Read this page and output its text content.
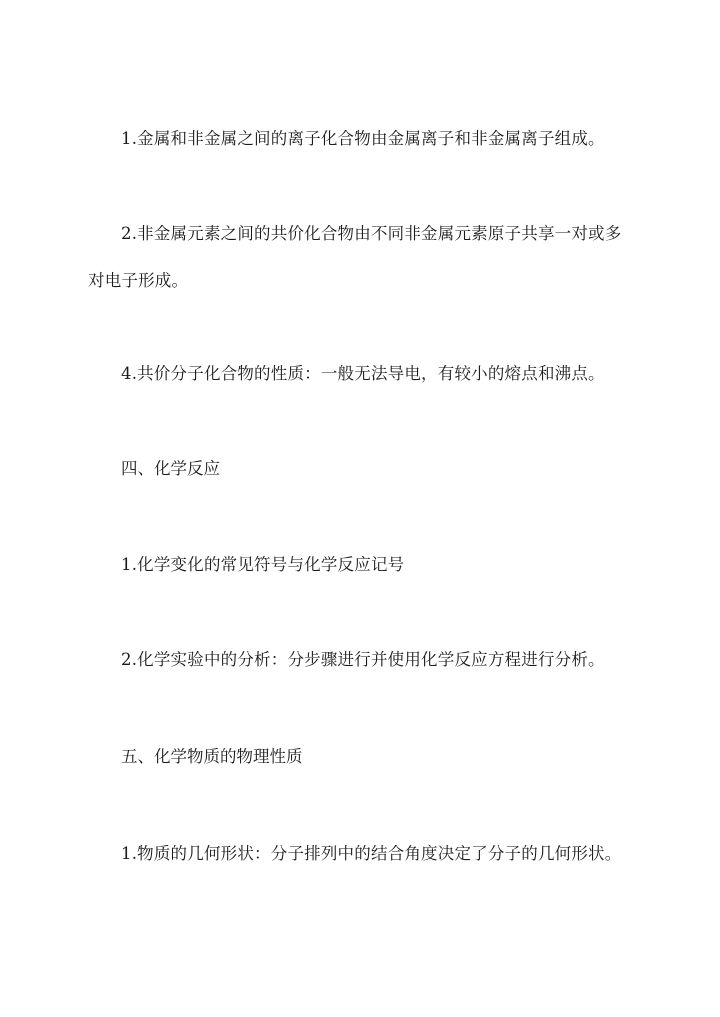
1.金属和非金属之间的离子化合物由金属离子和非金属离子组成。

2.非金属元素之间的共价化合物由不同非金属元素原子共享一对或多对电子形成。

4.共价分子化合物的性质：一般无法导电，有较小的熔点和沸点。

四、化学反应

1.化学变化的常见符号与化学反应记号

2.化学实验中的分析：分步骤进行并使用化学反应方程进行分析。

五、化学物质的物理性质

1.物质的几何形状：分子排列中的结合角度决定了分子的几何形状。
